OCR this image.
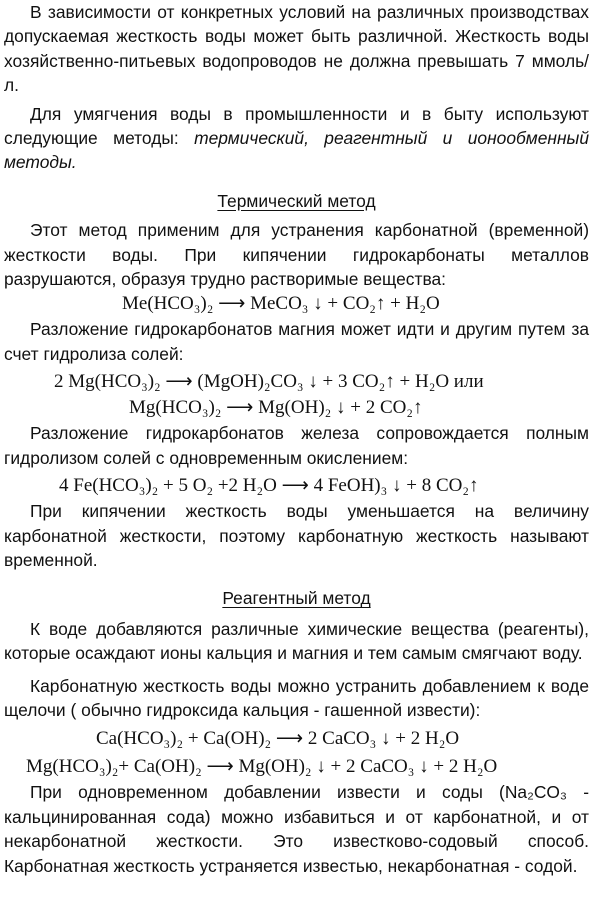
В зависимости от конкретных условий на различных производствах допускаемая жесткость воды может быть различной. Жесткость воды хозяйственно-питьевых водопроводов не должна превышать 7 ммоль/л.

Для умягчения воды в промышленности и в быту используют следующие методы: термический, реагентный и ионообменный методы.

Термический метод

Этот метод применим для устранения карбонатной (временной) жесткости воды. При кипячении гидрокарбонаты металлов разрушаются, образуя трудно растворимые вещества:

Me(HCO₃)₂ ⟶ MeCO₃ ↓ + CO₂↑ + H₂O

Разложение гидрокарбонатов магния может идти и другим путем за счет гидролиза солей:

2 Mg(HCO₃)₂ ⟶ (MgOH)₂CO₃ ↓ + 3 CO₂↑ + H₂O или

Mg(HCO₃)₂ ⟶ Mg(OH)₂ ↓ + 2 CO₂↑

Разложение гидрокарбонатов железа сопровождается полным гидролизом солей с одновременным окислением:

4 Fe(HCO₃)₂ + 5 O₂ +2 H₂O ⟶ 4 FeOH)₃ ↓ + 8 CO₂↑

При кипячении жесткость воды уменьшается на величину карбонатной жесткости, поэтому карбонатную жесткость называют временной.

Реагентный метод

К воде добавляются различные химические вещества (реагенты), которые осаждают ионы кальция и магния и тем самым смягчают воду.

Карбонатную жесткость воды можно устранить добавлением к воде щелочи ( обычно гидроксида кальция - гашенной извести):

Ca(HCO₃)₂ + Ca(OH)₂ ⟶ 2 CaCO₃ ↓ + 2 H₂O

Mg(HCO₃)₂+ Ca(OH)₂ ⟶ Mg(OH)₂ ↓ + 2 CaCO₃ ↓ + 2 H₂O

При одновременном добавлении извести и соды (Na₂CO₃ - кальцинированная сода) можно избавиться и от карбонатной, и от некарбонатной жесткости. Это известково-содовый способ. Карбонатная жесткость устраняется известью, некарбонатная - содой.
